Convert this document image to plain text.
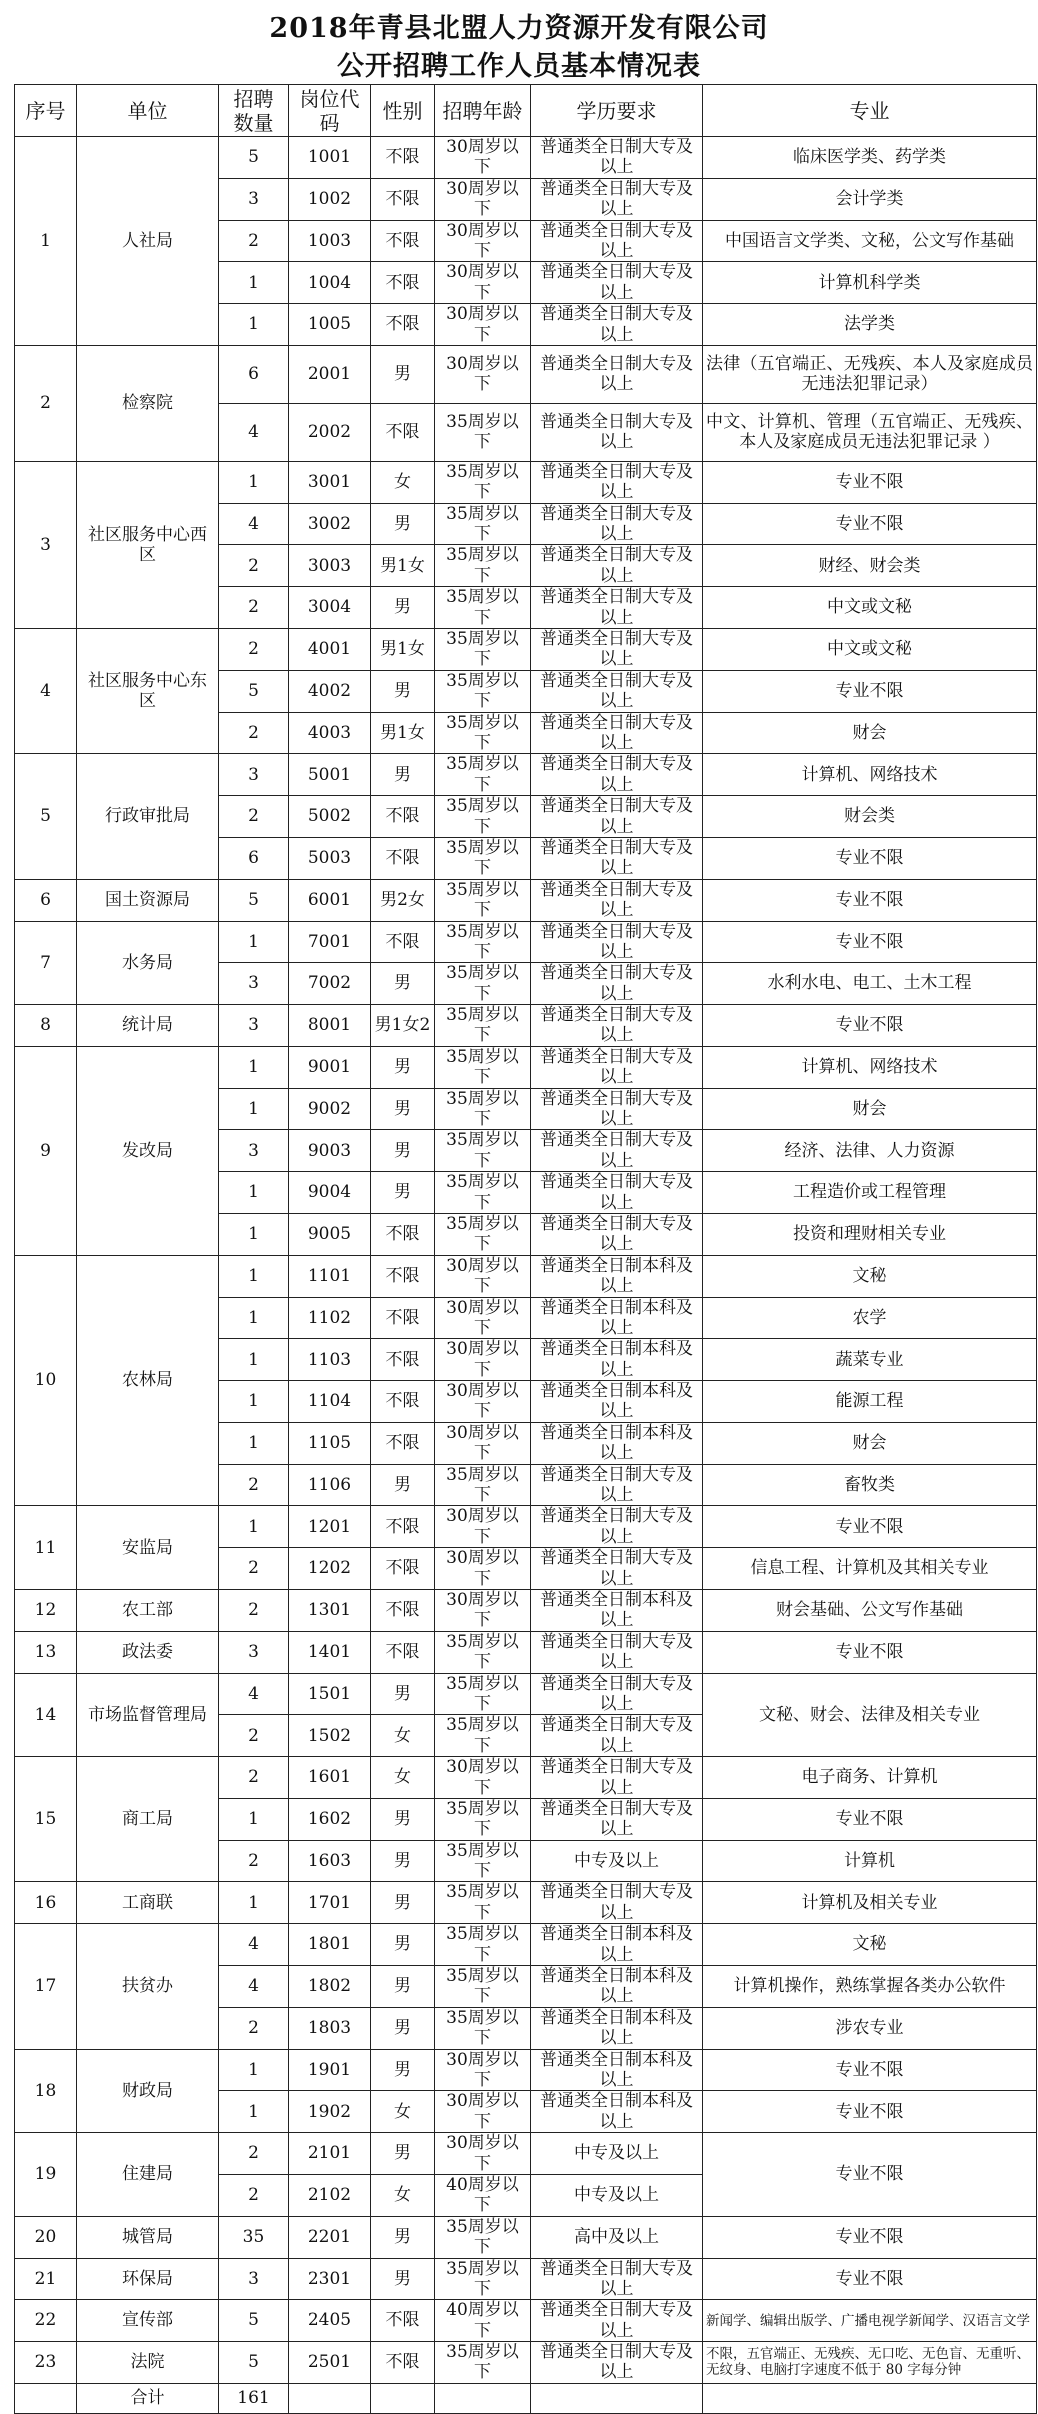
2018年青县北盟人力资源开发有限公司
公开招聘工作人员基本情况表
序号	单位	招聘
数量	岗位代码	性别	招聘年龄	学历要求	专业
1	人社局	5	1001	不限	30周岁以下	普通类全日制大专及以上	临床医学类、药学类
		3	1002	不限	30周岁以下	普通类全日制大专及以上	会计学类
		2	1003	不限	30周岁以下	普通类全日制大专及以上	中国语言文学类、文秘，公文写作基础
		1	1004	不限	30周岁以下	普通类全日制大专及以上	计算机科学类
		1	1005	不限	30周岁以下	普通类全日制大专及以上	法学类
2	检察院	6	2001	男	30周岁以下	普通类全日制大专及以上	法律（五官端正、无残疾、本人及家庭成员无违法犯罪记录）
		4	2002	不限	35周岁以下	普通类全日制大专及以上	中文、计算机、管理（五官端正、无残疾、本人及家庭成员无违法犯罪记录 ）
3	社区服务中心西区	1	3001	女	35周岁以下	普通类全日制大专及以上	专业不限
		4	3002	男	35周岁以下	普通类全日制大专及以上	专业不限
		2	3003	男1女	35周岁以下	普通类全日制大专及以上	财经、财会类
		2	3004	男	35周岁以下	普通类全日制大专及以上	中文或文秘
4	社区服务中心东区	2	4001	男1女	35周岁以下	普通类全日制大专及以上	中文或文秘
		5	4002	男	35周岁以下	普通类全日制大专及以上	专业不限
		2	4003	男1女	35周岁以下	普通类全日制大专及以上	财会
5	行政审批局	3	5001	男	35周岁以下	普通类全日制大专及以上	计算机、网络技术
		2	5002	不限	35周岁以下	普通类全日制大专及以上	财会类
		6	5003	不限	35周岁以下	普通类全日制大专及以上	专业不限
6	国土资源局	5	6001	男2女	35周岁以下	普通类全日制大专及以上	专业不限
7	水务局	1	7001	不限	35周岁以下	普通类全日制大专及以上	专业不限
		3	7002	男	35周岁以下	普通类全日制大专及以上	水利水电、电工、土木工程
8	统计局	3	8001	男1女2	35周岁以下	普通类全日制大专及以上	专业不限
9	发改局	1	9001	男	35周岁以下	普通类全日制大专及以上	计算机、网络技术
		1	9002	男	35周岁以下	普通类全日制大专及以上	财会
		3	9003	男	35周岁以下	普通类全日制大专及以上	经济、法律、人力资源
		1	9004	男	35周岁以下	普通类全日制大专及以上	工程造价或工程管理
		1	9005	不限	35周岁以下	普通类全日制大专及以上	投资和理财相关专业
10	农林局	1	1101	不限	30周岁以下	普通类全日制本科及以上	文秘
		1	1102	不限	30周岁以下	普通类全日制本科及以上	农学
		1	1103	不限	30周岁以下	普通类全日制本科及以上	蔬菜专业
		1	1104	不限	30周岁以下	普通类全日制本科及以上	能源工程
		1	1105	不限	30周岁以下	普通类全日制本科及以上	财会
		2	1106	男	35周岁以下	普通类全日制大专及以上	畜牧类
11	安监局	1	1201	不限	30周岁以下	普通类全日制大专及以上	专业不限
		2	1202	不限	30周岁以下	普通类全日制大专及以上	信息工程、计算机及其相关专业
12	农工部	2	1301	不限	30周岁以下	普通类全日制本科及以上	财会基础、公文写作基础
13	政法委	3	1401	不限	35周岁以下	普通类全日制大专及以上	专业不限
14	市场监督管理局	4	1501	男	35周岁以下	普通类全日制大专及以上	文秘、财会、法律及相关专业
		2	1502	女	35周岁以下	普通类全日制大专及以上	
15	商工局	2	1601	女	30周岁以下	普通类全日制大专及以上	电子商务、计算机
		1	1602	男	35周岁以下	普通类全日制大专及以上	专业不限
		2	1603	男	35周岁以下	中专及以上	计算机
16	工商联	1	1701	男	35周岁以下	普通类全日制大专及以上	计算机及相关专业
17	扶贫办	4	1801	男	35周岁以下	普通类全日制本科及以上	文秘
		4	1802	男	35周岁以下	普通类全日制本科及以上	计算机操作，熟练掌握各类办公软件
		2	1803	男	35周岁以下	普通类全日制本科及以上	涉农专业
18	财政局	1	1901	男	30周岁以下	普通类全日制本科及以上	专业不限
		1	1902	女	30周岁以下	普通类全日制本科及以上	专业不限
19	住建局	2	2101	男	30周岁以下	中专及以上	专业不限
		2	2102	女	40周岁以下	中专及以上	
20	城管局	35	2201	男	35周岁以下	高中及以上	专业不限
21	环保局	3	2301	男	35周岁以下	普通类全日制大专及以上	专业不限
22	宣传部	5	2405	不限	40周岁以下	普通类全日制大专及以上	新闻学、编辑出版学、广播电视学新闻学、汉语言文学
23	法院	5	2501	不限	35周岁以下	普通类全日制大专及以上	不限，五官端正、无残疾、无口吃、无色盲、无重听、无纹身、电脑打字速度不低于 80 字每分钟
	合计	161					
